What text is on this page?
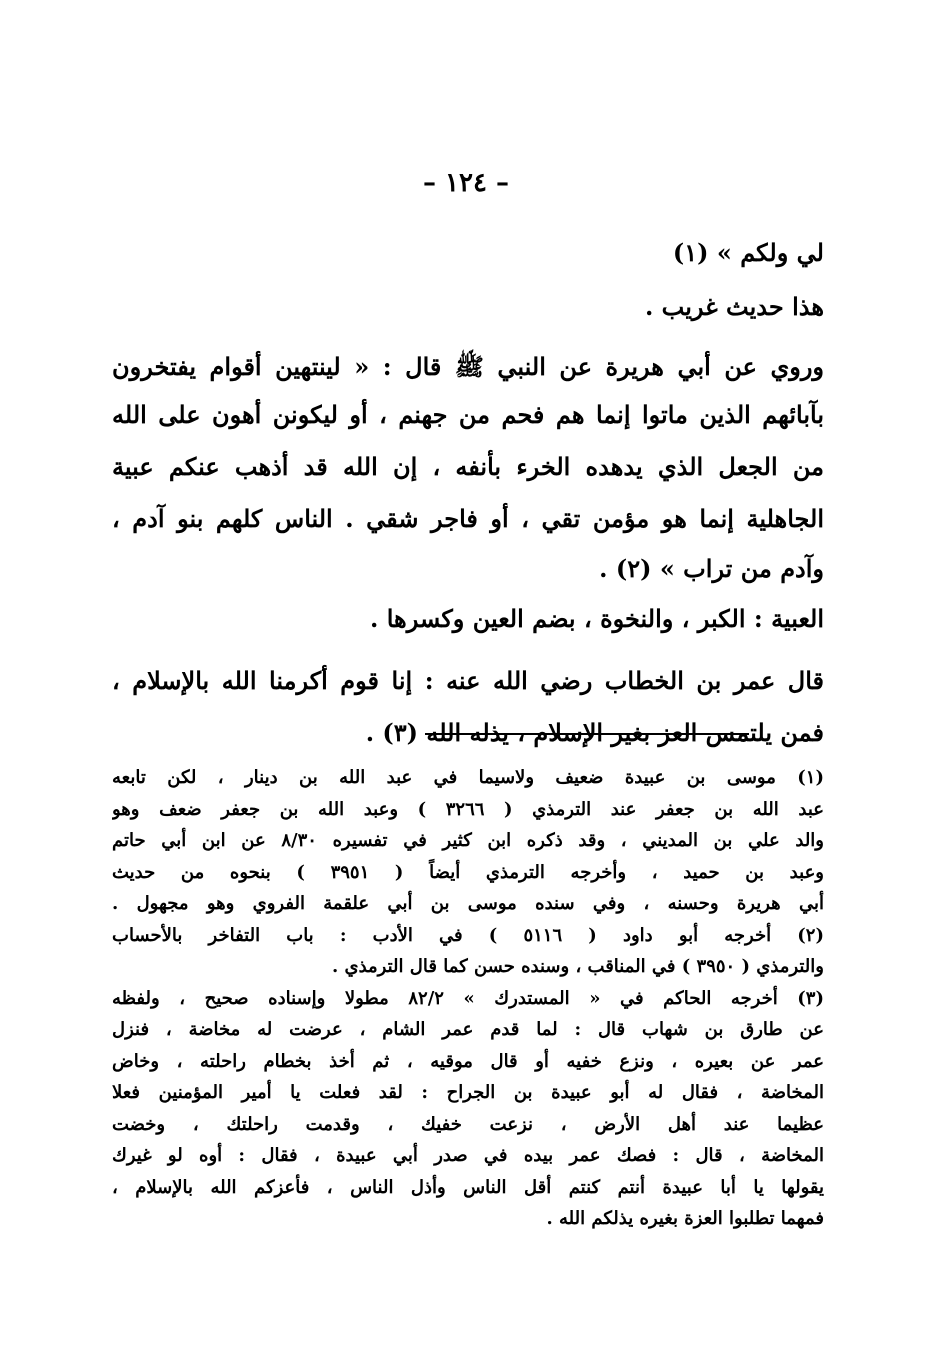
– ١٢٤ –
لي ولكم » (١)
هذا حديث غريب .
وروي عن أبي هريرة عن النبي ﷺ قال : « لينتهين أقوام يفتخرون
بآبائهم الذين ماتوا إنما هم فحم من جهنم ، أو ليكونن أهون على الله
من الجعل الذي يدهده الخرء بأنفه ، إن الله قد أذهب عنكم عبية
الجاهلية إنما هو مؤمن تقي ، أو فاجر شقي . الناس كلهم بنو آدم ،
وآدم من تراب » (٢) .
العبية : الكبر ، والنخوة ، بضم العين وكسرها .
قال عمر بن الخطاب رضي الله عنه : إنا قوم أكرمنا الله بالإسلام ،
فمن يلتمس العز بغير الإسلام ، يذله الله (٣) .
(١) موسى بن عبيدة ضعيف ولاسيما في عبد الله بن دينار ، لكن تابعه
عبد الله بن جعفر عند الترمذي ( ٣٢٦٦ ) وعبد الله بن جعفر ضعف وهو
والد علي بن المديني ، وقد ذكره ابن كثير في تفسيره ٨/٣٠ عن ابن أبي حاتم
وعبد بن حميد ، وأخرجه الترمذي أيضاً ( ٣٩٥١ ) بنحوه من حديث
أبي هريرة وحسنه ، وفي سنده موسى بن أبي علقمة الفروي وهو مجهول .
(٢) أخرجه أبو داود ( ٥١١٦ ) في الأدب : باب التفاخر بالأحساب
والترمذي ( ٣٩٥٠ ) في المناقب ، وسنده حسن كما قال الترمذي .
(٣) أخرجه الحاكم في « المستدرك » ٨٢/٢ مطولا وإسناده صحيح ، ولفظه
عن طارق بن شهاب قال : لما قدم عمر الشام ، عرضت له مخاضة ، فنزل
عمر عن بعيره ، ونزع خفيه أو قال موقيه ، ثم أخذ بخطام راحلته ، وخاض
المخاضة ، فقال له أبو عبيدة بن الجراح : لقد فعلت يا أمير المؤمنين فعلا
عظيما عند أهل الأرض ، نزعت خفيك ، وقدمت راحلتك ، وخضت
المخاضة ، قال : فصك عمر بيده في صدر أبي عبيدة ، فقال : أوه لو غيرك
يقولها يا أبا عبيدة أنتم كنتم أقل الناس وأذل الناس ، فأعزكم الله بالإسلام ،
فمهما تطلبوا العزة بغيره يذلكم الله .
